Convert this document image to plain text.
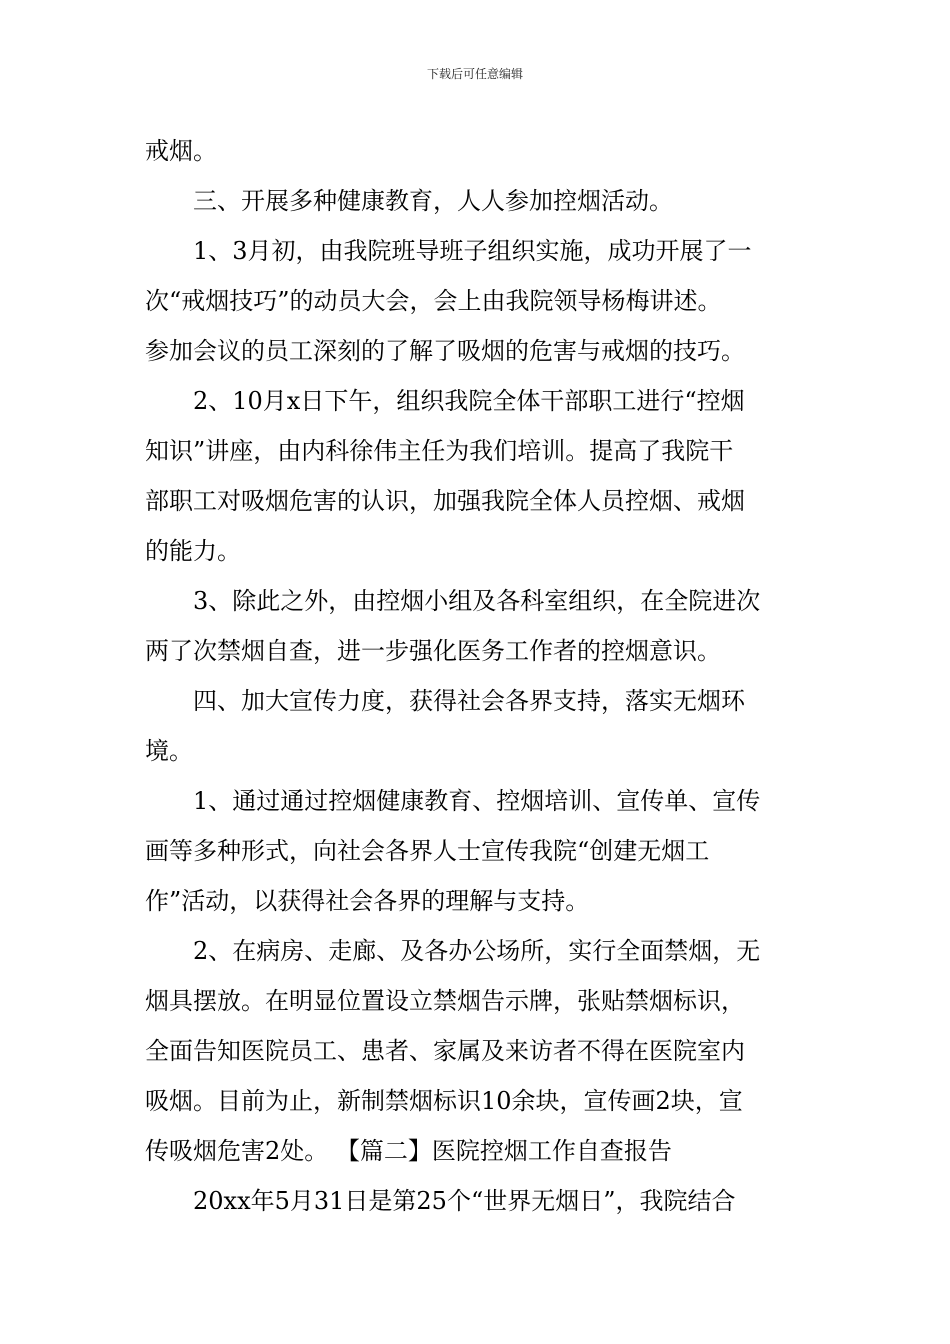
下载后可任意编辑
戒烟。
三、开展多种健康教育，人人参加控烟活动。
1、3月初，由我院班导班子组织实施，成功开展了一
次“戒烟技巧”的动员大会，会上由我院领导杨梅讲述。
参加会议的员工深刻的了解了吸烟的危害与戒烟的技巧。
2、10月x日下午，组织我院全体干部职工进行“控烟
知识”讲座，由内科徐伟主任为我们培训。提高了我院干
部职工对吸烟危害的认识，加强我院全体人员控烟、戒烟
的能力。
3、除此之外，由控烟小组及各科室组织，在全院进次
两了次禁烟自查，进一步强化医务工作者的控烟意识。
四、加大宣传力度，获得社会各界支持，落实无烟环
境。
1、通过通过控烟健康教育、控烟培训、宣传单、宣传
画等多种形式，向社会各界人士宣传我院“创建无烟工
作”活动，以获得社会各界的理解与支持。
2、在病房、走廊、及各办公场所，实行全面禁烟，无
烟具摆放。在明显位置设立禁烟告示牌，张贴禁烟标识，
全面告知医院员工、患者、家属及来访者不得在医院室内
吸烟。目前为止，新制禁烟标识10余块，宣传画2块，宣
传吸烟危害2处。 【篇二】医院控烟工作自查报告
20xx年5月31日是第25个“世界无烟日”，我院结合
